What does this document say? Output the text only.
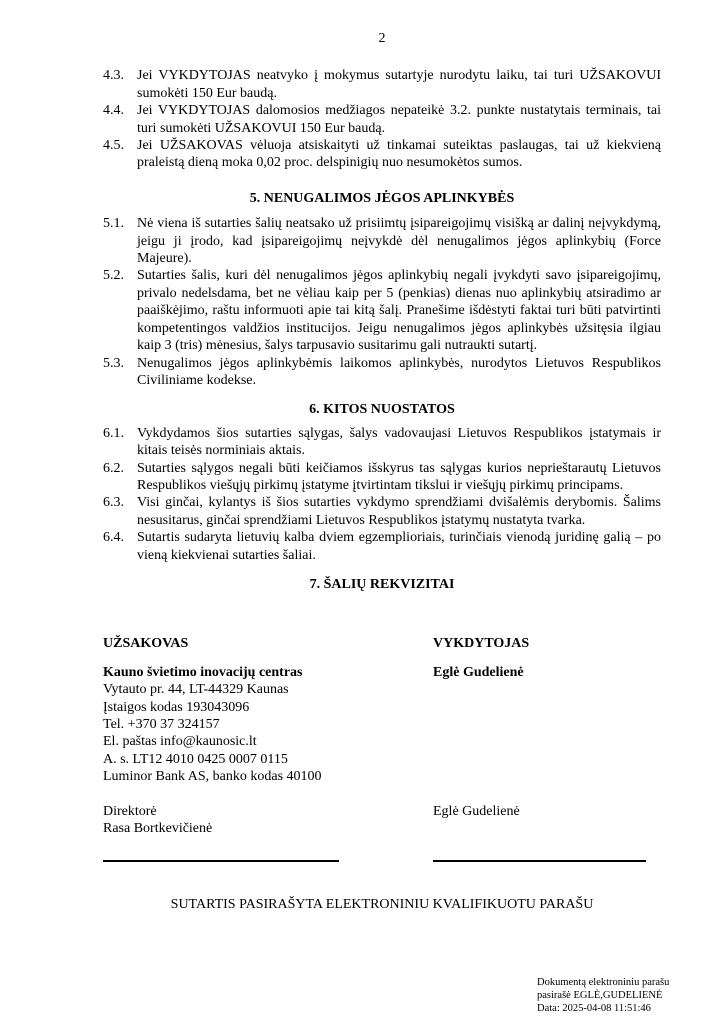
2
4.3. Jei VYKDYTOJAS neatvyko į mokymus sutartyje nurodytu laiku, tai turi UŽSAKOVUI sumokėti 150 Eur baudą.
4.4. Jei VYKDYTOJAS dalomosios medžiagos nepateikė 3.2. punkte nustatytais terminais, tai turi sumokėti UŽSAKOVUI 150 Eur baudą.
4.5. Jei UŽSAKOVAS vėluoja atsiskaityti už tinkamai suteiktas paslaugas, tai už kiekvieną praleistą dieną moka 0,02 proc. delspinigių nuo nesumokėtos sumos.
5. NENUGALIMOS JĖGOS APLINKYBĖS
5.1. Nė viena iš sutarties šalių neatsako už prisiimtų įsipareigojimų visišką ar dalinį neįvykdymą, jeigu ji įrodo, kad įsipareigojimų neįvykdė dėl nenugalimos jėgos aplinkybių (Force Majeure).
5.2. Sutarties šalis, kuri dėl nenugalimos jėgos aplinkybių negali įvykdyti savo įsipareigojimų, privalo nedelsdama, bet ne vėliau kaip per 5 (penkias) dienas nuo aplinkybių atsiradimo ar paaiškėjimo, raštu informuoti apie tai kitą šalį. Pranešime išdėstyti faktai turi būti patvirtinti kompetentingos valdžios institucijos. Jeigu nenugalimos jėgos aplinkybės užsitęsia ilgiau kaip 3 (tris) mėnesius, šalys tarpusavio susitarimu gali nutraukti sutartį.
5.3. Nenugalimos jėgos aplinkybėmis laikomos aplinkybės, nurodytos Lietuvos Respublikos Civiliniame kodekse.
6. KITOS NUOSTATOS
6.1. Vykdydamos šios sutarties sąlygas, šalys vadovaujasi Lietuvos Respublikos įstatymais ir kitais teisės norminiais aktais.
6.2. Sutarties sąlygos negali būti keičiamos išskyrus tas sąlygas kurios neprieštarautų Lietuvos Respublikos viešųjų pirkimų įstatyme įtvirtintam tikslui ir viešųjų pirkimų principams.
6.3. Visi ginčai, kylantys iš šios sutarties vykdymo sprendžiami dvišalėmis derybomis. Šalims nesusitarus, ginčai sprendžiami Lietuvos Respublikos įstatymų nustatyta tvarka.
6.4. Sutartis sudaryta lietuvių kalba dviem egzemplioriais, turinčiais vienodą juridinę galią – po vieną kiekvienai sutarties šaliai.
7. ŠALIŲ REKVIZITAI
UŽSAKOVAS	VYKDYTOJAS
Kauno švietimo inovacijų centras	Eglė Gudelienė
Vytauto pr. 44, LT-44329 Kaunas
Įstaigos kodas 193043096
Tel. +370 37 324157
El. paštas info@kaunosic.lt
A. s. LT12 4010 0425 0007 0115
Luminor Bank AS, banko kodas 40100
Direktorė	Eglė Gudelienė
Rasa Bortkevičienė
SUTARTIS PASIRAŠYTA ELEKTRONINIU KVALIFIKUOTU PARAŠU
Dokumentą elektroniniu parašu
pasirašė EGLĖ,GUDELIENĖ
Data: 2025-04-08 11:51:46
